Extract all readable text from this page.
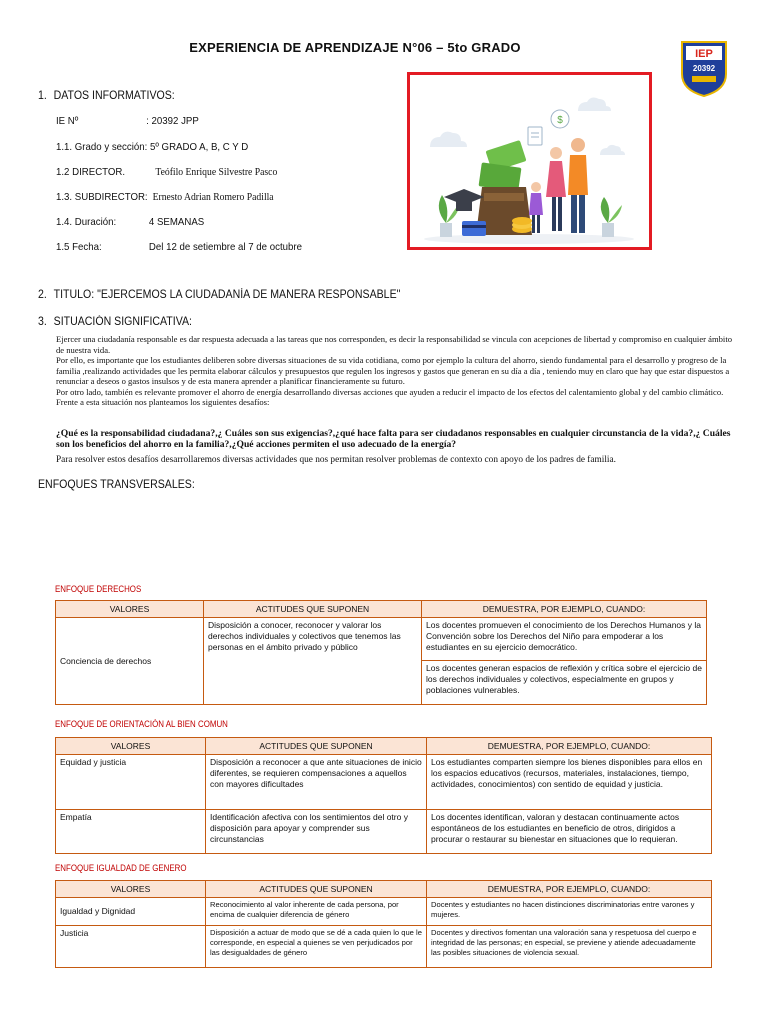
EXPERIENCIA DE APRENDIZAJE N°06 – 5to GRADO	IEP
20392
1. DATOS INFORMATIVOS:
IE Nº	: 20392 JPP
1.1. Grado y sección: 5º GRADO A, B, C Y D
1.2 DIRECTOR.	Teófilo Enrique Silvestre Pasco
1.3. SUBDIRECTOR: Ernesto Adrian Romero Padilla
1.4. Duración:	4 SEMANAS
1.5 Fecha:	Del 12 de setiembre al 7 de octubre
$
2. TITULO: "EJERCEMOS LA CIUDADANÍA DE MANERA RESPONSABLE"
3. SITUACIÓN SIGNIFICATIVA:

Ejercer una ciudadanía responsable es dar respuesta adecuada a las tareas que nos corresponden, es decir la responsabilidad se vincula con acepciones de libertad y compromiso en cualquier ámbito de nuestra vida.

Por ello, es importante que los estudiantes deliberen sobre diversas situaciones de su vida cotidiana, como por ejemplo la cultura del ahorro, siendo fundamental para el desarrollo y progreso de la familia ,realizando actividades que les permita elaborar cálculos y presupuestos que regulen los ingresos y gastos que generan en su día a día , teniendo muy en claro que hay que estar dispuestos a renunciar a deseos o gastos insulsos y de esta manera aprender a planificar financieramente su futuro.

Por otro lado, también es relevante promover el ahorro de energía desarrollando diversas acciones que ayuden a reducir el impacto de los efectos del calentamiento global y del cambio climático.

Frente a esta situación nos planteamos los siguientes desafíos:

¿Qué es la responsabilidad ciudadana?,¿ Cuáles son sus exigencias?,¿qué hace falta para ser ciudadanos responsables en cualquier circunstancia de la vida?,¿ Cuáles son los beneficios del ahorro en la familia?,¿Qué acciones permiten el uso adecuado de la energía?
Para resolver estos desafíos desarrollaremos diversas actividades que nos permitan resolver problemas de contexto con apoyo de los padres de familia.
ENFOQUES TRANSVERSALES:
ENFOQUE DERECHOS
VALORES	ACTITUDES QUE SUPONEN	DEMUESTRA, POR EJEMPLO, CUANDO:
Conciencia de derechos	Disposición a conocer, reconocer y valorar los derechos individuales y colectivos que tenemos las personas en el ámbito privado y público	Los docentes promueven el conocimiento de los Derechos Humanos y la Convención sobre los Derechos del Niño para empoderar a los estudiantes en su ejercicio democrático.
		Los docentes generan espacios de reflexión y crítica sobre el ejercicio de los derechos individuales y colectivos, especialmente en grupos y poblaciones vulnerables.
ENFOQUE DE ORIENTACIÓN AL BIEN COMUN
VALORES	ACTITUDES QUE SUPONEN	DEMUESTRA, POR EJEMPLO, CUANDO:
Equidad y justicia	Disposición a reconocer a que ante situaciones de inicio diferentes, se requieren compensaciones a aquellos con mayores dificultades	Los estudiantes comparten siempre los bienes disponibles para ellos en los espacios educativos (recursos, materiales, instalaciones, tiempo, actividades, conocimientos) con sentido de equidad y justicia.
Empatía	Identificación afectiva con los sentimientos del otro y disposición para apoyar y comprender sus circunstancias	Los docentes identifican, valoran y destacan continuamente actos espontáneos de los estudiantes en beneficio de otros, dirigidos a procurar o restaurar su bienestar en situaciones que lo requieran.
ENFOQUE IGUALDAD DE GENERO
VALORES	ACTITUDES QUE SUPONEN	DEMUESTRA, POR EJEMPLO, CUANDO:
Igualdad y Dignidad	Reconocimiento al valor inherente de cada persona, por encima de cualquier diferencia de género	Docentes y estudiantes no hacen distinciones discriminatorias entre varones y mujeres.
Justicia	Disposición a actuar de modo que se dé a cada quien lo que le corresponde, en especial a quienes se ven perjudicados por las desigualdades de género	Docentes y directivos fomentan una valoración sana y respetuosa del cuerpo e integridad de las personas; en especial, se previene y atiende adecuadamente las posibles situaciones de violencia sexual.
